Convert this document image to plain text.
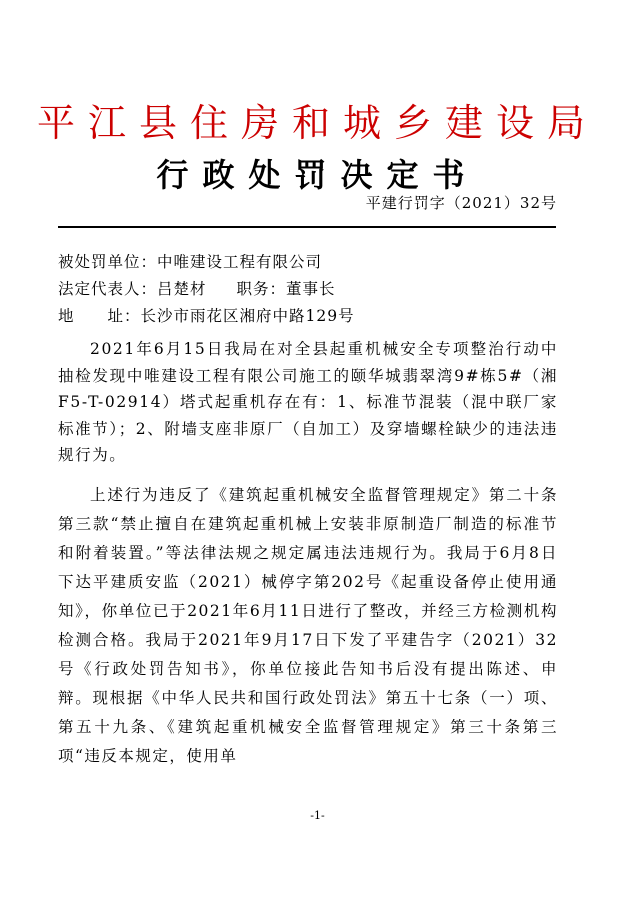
平江县住房和城乡建设局
行政处罚决定书
平建行罚字（2021）32号
被处罚单位：中唯建设工程有限公司
法定代表人：吕楚材 职务：董事长
地　　址：长沙市雨花区湘府中路129号

2021年6月15日我局在对全县起重机械安全专项整治行动中抽检发现中唯建设工程有限公司施工的颐华城翡翠湾9#栋5#（湘F5-T-02914）塔式起重机存在有：1、标准节混装（混中联厂家标准节）；2、附墙支座非原厂（自加工）及穿墙螺栓缺少的违法违规行为。

上述行为违反了《建筑起重机械安全监督管理规定》第二十条第三款“禁止擅自在建筑起重机械上安装非原制造厂制造的标准节和附着装置。”等法律法规之规定属违法违规行为。我局于6月8日下达平建质安监（2021）械停字第202号《起重设备停止使用通知》，你单位已于2021年6月11日进行了整改，并经三方检测机构检测合格。我局于2021年9月17日下发了平建告字（2021）32号《行政处罚告知书》，你单位接此告知书后没有提出陈述、申辩。现根据《中华人民共和国行政处罚法》第五十七条（一）项、第五十九条、《建筑起重机械安全监督管理规定》第三十条第三项“违反本规定，使用单

-1-
